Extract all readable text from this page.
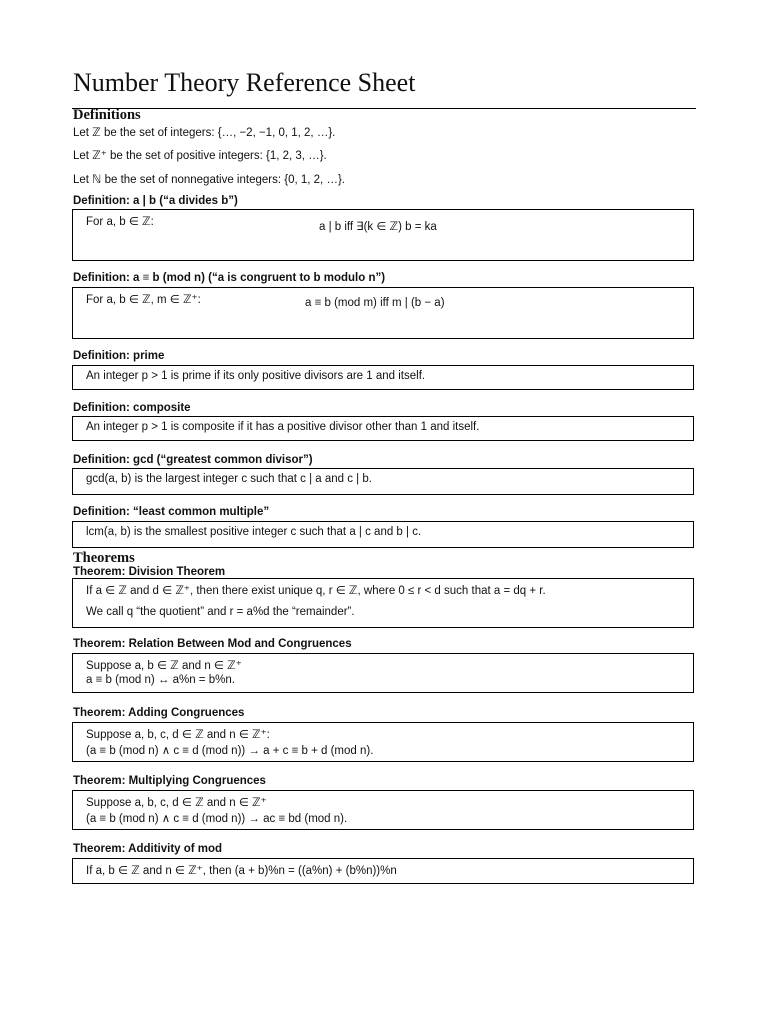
Number Theory Reference Sheet
Definitions
Let ℤ be the set of integers: {…, −2, −1, 0, 1, 2, …}.
Let ℤ⁺ be the set of positive integers: {1, 2, 3, …}.
Let ℕ be the set of nonnegative integers: {0, 1, 2, …}.
Definition: a | b (“a divides b”)
For a, b ∈ ℤ:	a | b iff ∃(k ∈ ℤ) b = ka
Definition: a ≡ b (mod n) (“a is congruent to b modulo n”)
For a, b ∈ ℤ, m ∈ ℤ⁺:	a ≡ b (mod m) iff m | (b − a)
Definition: prime
An integer p > 1 is prime if its only positive divisors are 1 and itself.
Definition: composite
An integer p > 1 is composite if it has a positive divisor other than 1 and itself.
Definition: gcd (“greatest common divisor”)
gcd(a, b) is the largest integer c such that c | a and c | b.
Definition: “least common multiple”
lcm(a, b) is the smallest positive integer c such that a | c and b | c.
Theorems
Theorem: Division Theorem
If a ∈ ℤ and d ∈ ℤ⁺, then there exist unique q, r ∈ ℤ, where 0 ≤ r < d such that a = dq + r.
We call q “the quotient” and r = a%d the “remainder”.
Theorem: Relation Between Mod and Congruences
Suppose a, b ∈ ℤ and n ∈ ℤ⁺
a ≡ b (mod n) ↔ a%n = b%n.
Theorem: Adding Congruences
Suppose a, b, c, d ∈ ℤ and n ∈ ℤ⁺:
(a ≡ b (mod n) ∧ c ≡ d (mod n)) → a + c ≡ b + d (mod n).
Theorem: Multiplying Congruences
Suppose a, b, c, d ∈ ℤ and n ∈ ℤ⁺
(a ≡ b (mod n) ∧ c ≡ d (mod n)) → ac ≡ bd (mod n).
Theorem: Additivity of mod
If a, b ∈ ℤ and n ∈ ℤ⁺, then (a + b)%n = ((a%n) + (b%n))%n
